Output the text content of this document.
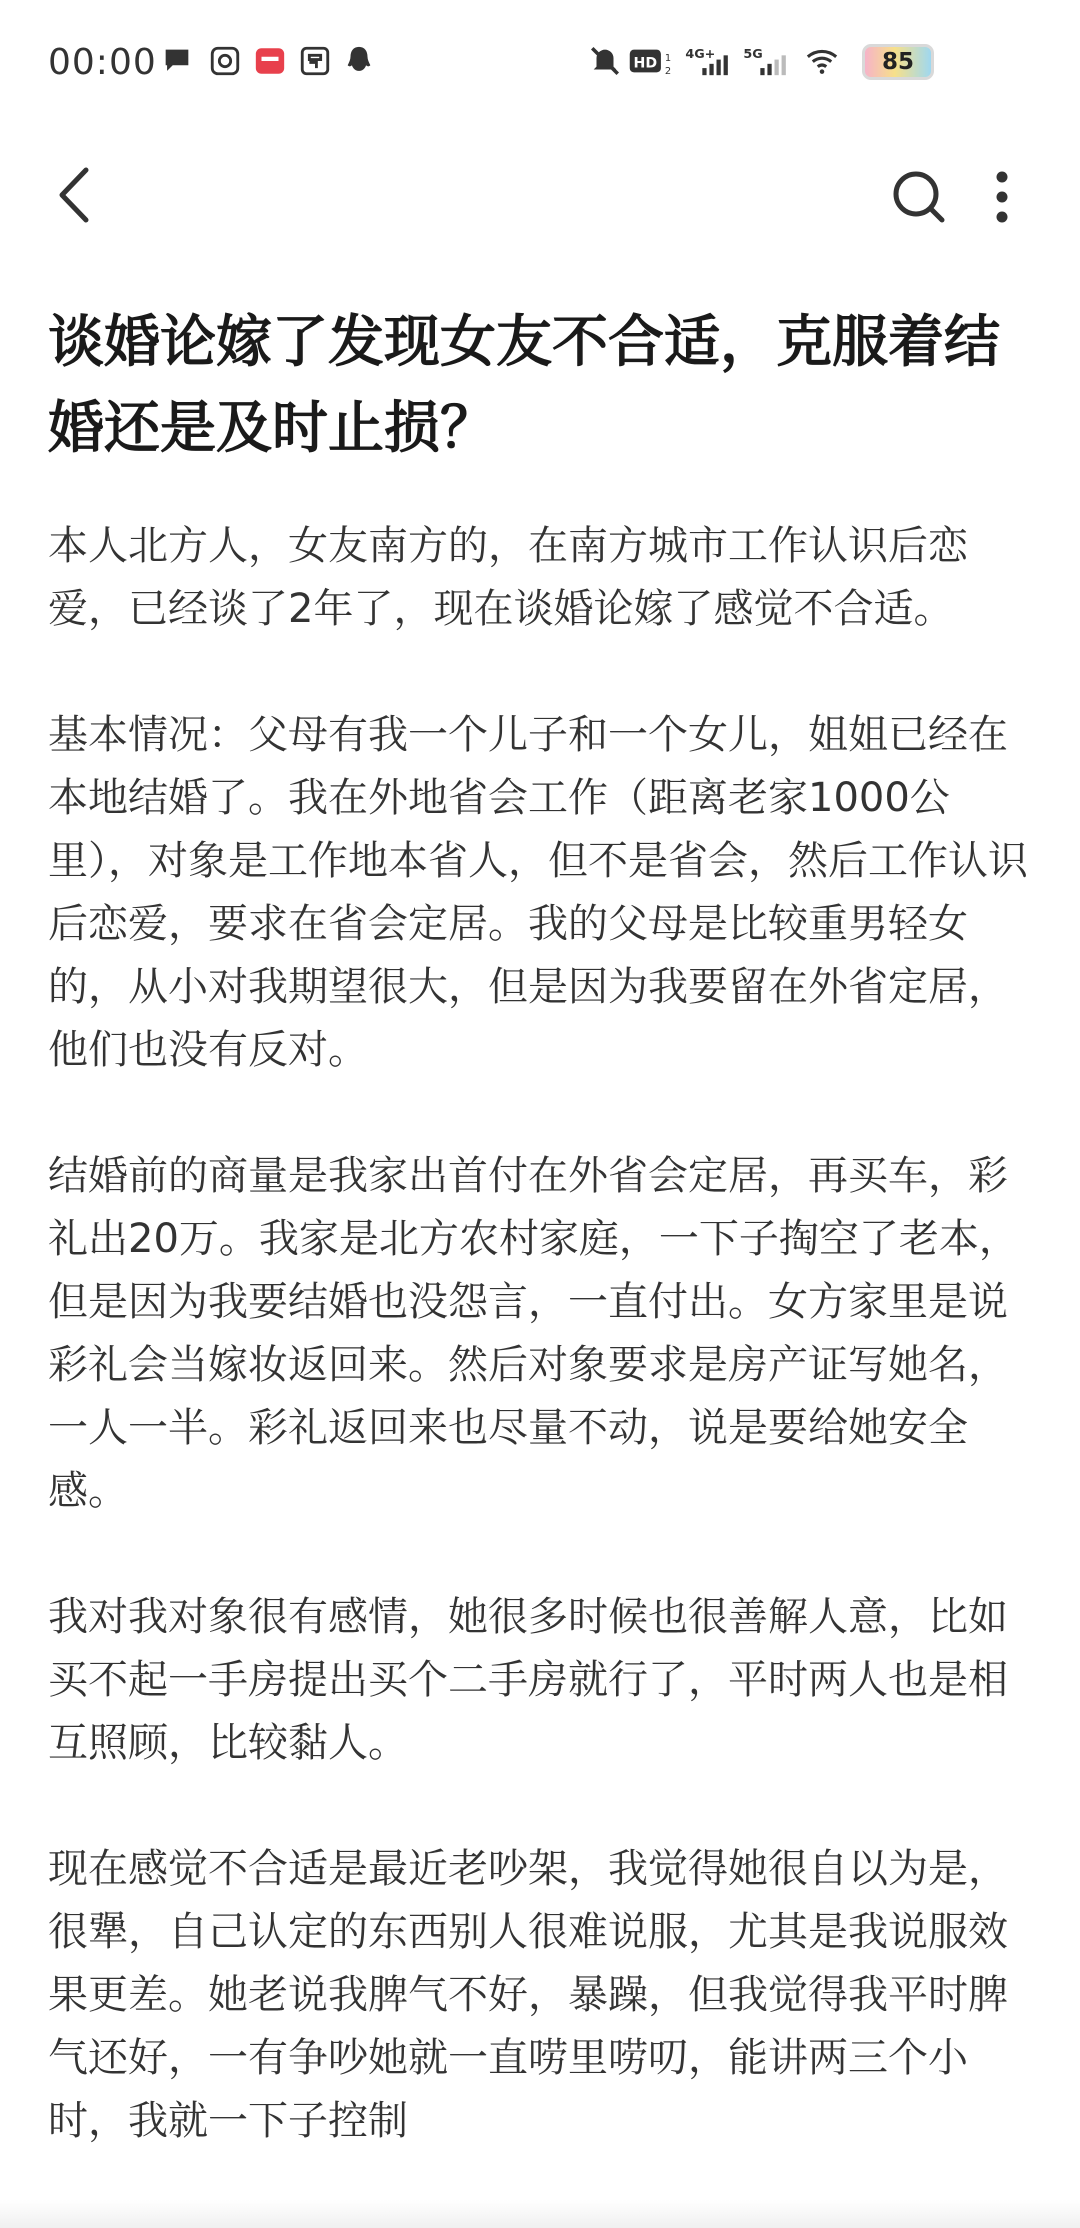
00:00	HD 1
2
4G+	5G	85
谈婚论嫁了发现女友不合适，克服着结婚还是及时止损？

本人北方人，女友南方的，在南方城市工作认识后恋爱，已经谈了2年了，现在谈婚论嫁了感觉不合适。

基本情况：父母有我一个儿子和一个女儿，姐姐已经在本地结婚了。我在外地省会工作（距离老家1000公里），对象是工作地本省人，但不是省会，然后工作认识后恋爱，要求在省会定居。我的父母是比较重男轻女的，从小对我期望很大，但是因为我要留在外省定居，他们也没有反对。

结婚前的商量是我家出首付在外省会定居，再买车，彩礼出20万。我家是北方农村家庭，一下子掏空了老本，但是因为我要结婚也没怨言，一直付出。女方家里是说彩礼会当嫁妆返回来。然后对象要求是房产证写她名，一人一半。彩礼返回来也尽量不动，说是要给她安全感。

我对我对象很有感情，她很多时候也很善解人意，比如买不起一手房提出买个二手房就行了，平时两人也是相互照顾，比较黏人。

现在感觉不合适是最近老吵架，我觉得她很自以为是，很犟，自己认定的东西别人很难说服，尤其是我说服效果更差。她老说我脾气不好，暴躁，但我觉得我平时脾气还好，一有争吵她就一直唠里唠叨，能讲两三个小时，我就一下子控制
